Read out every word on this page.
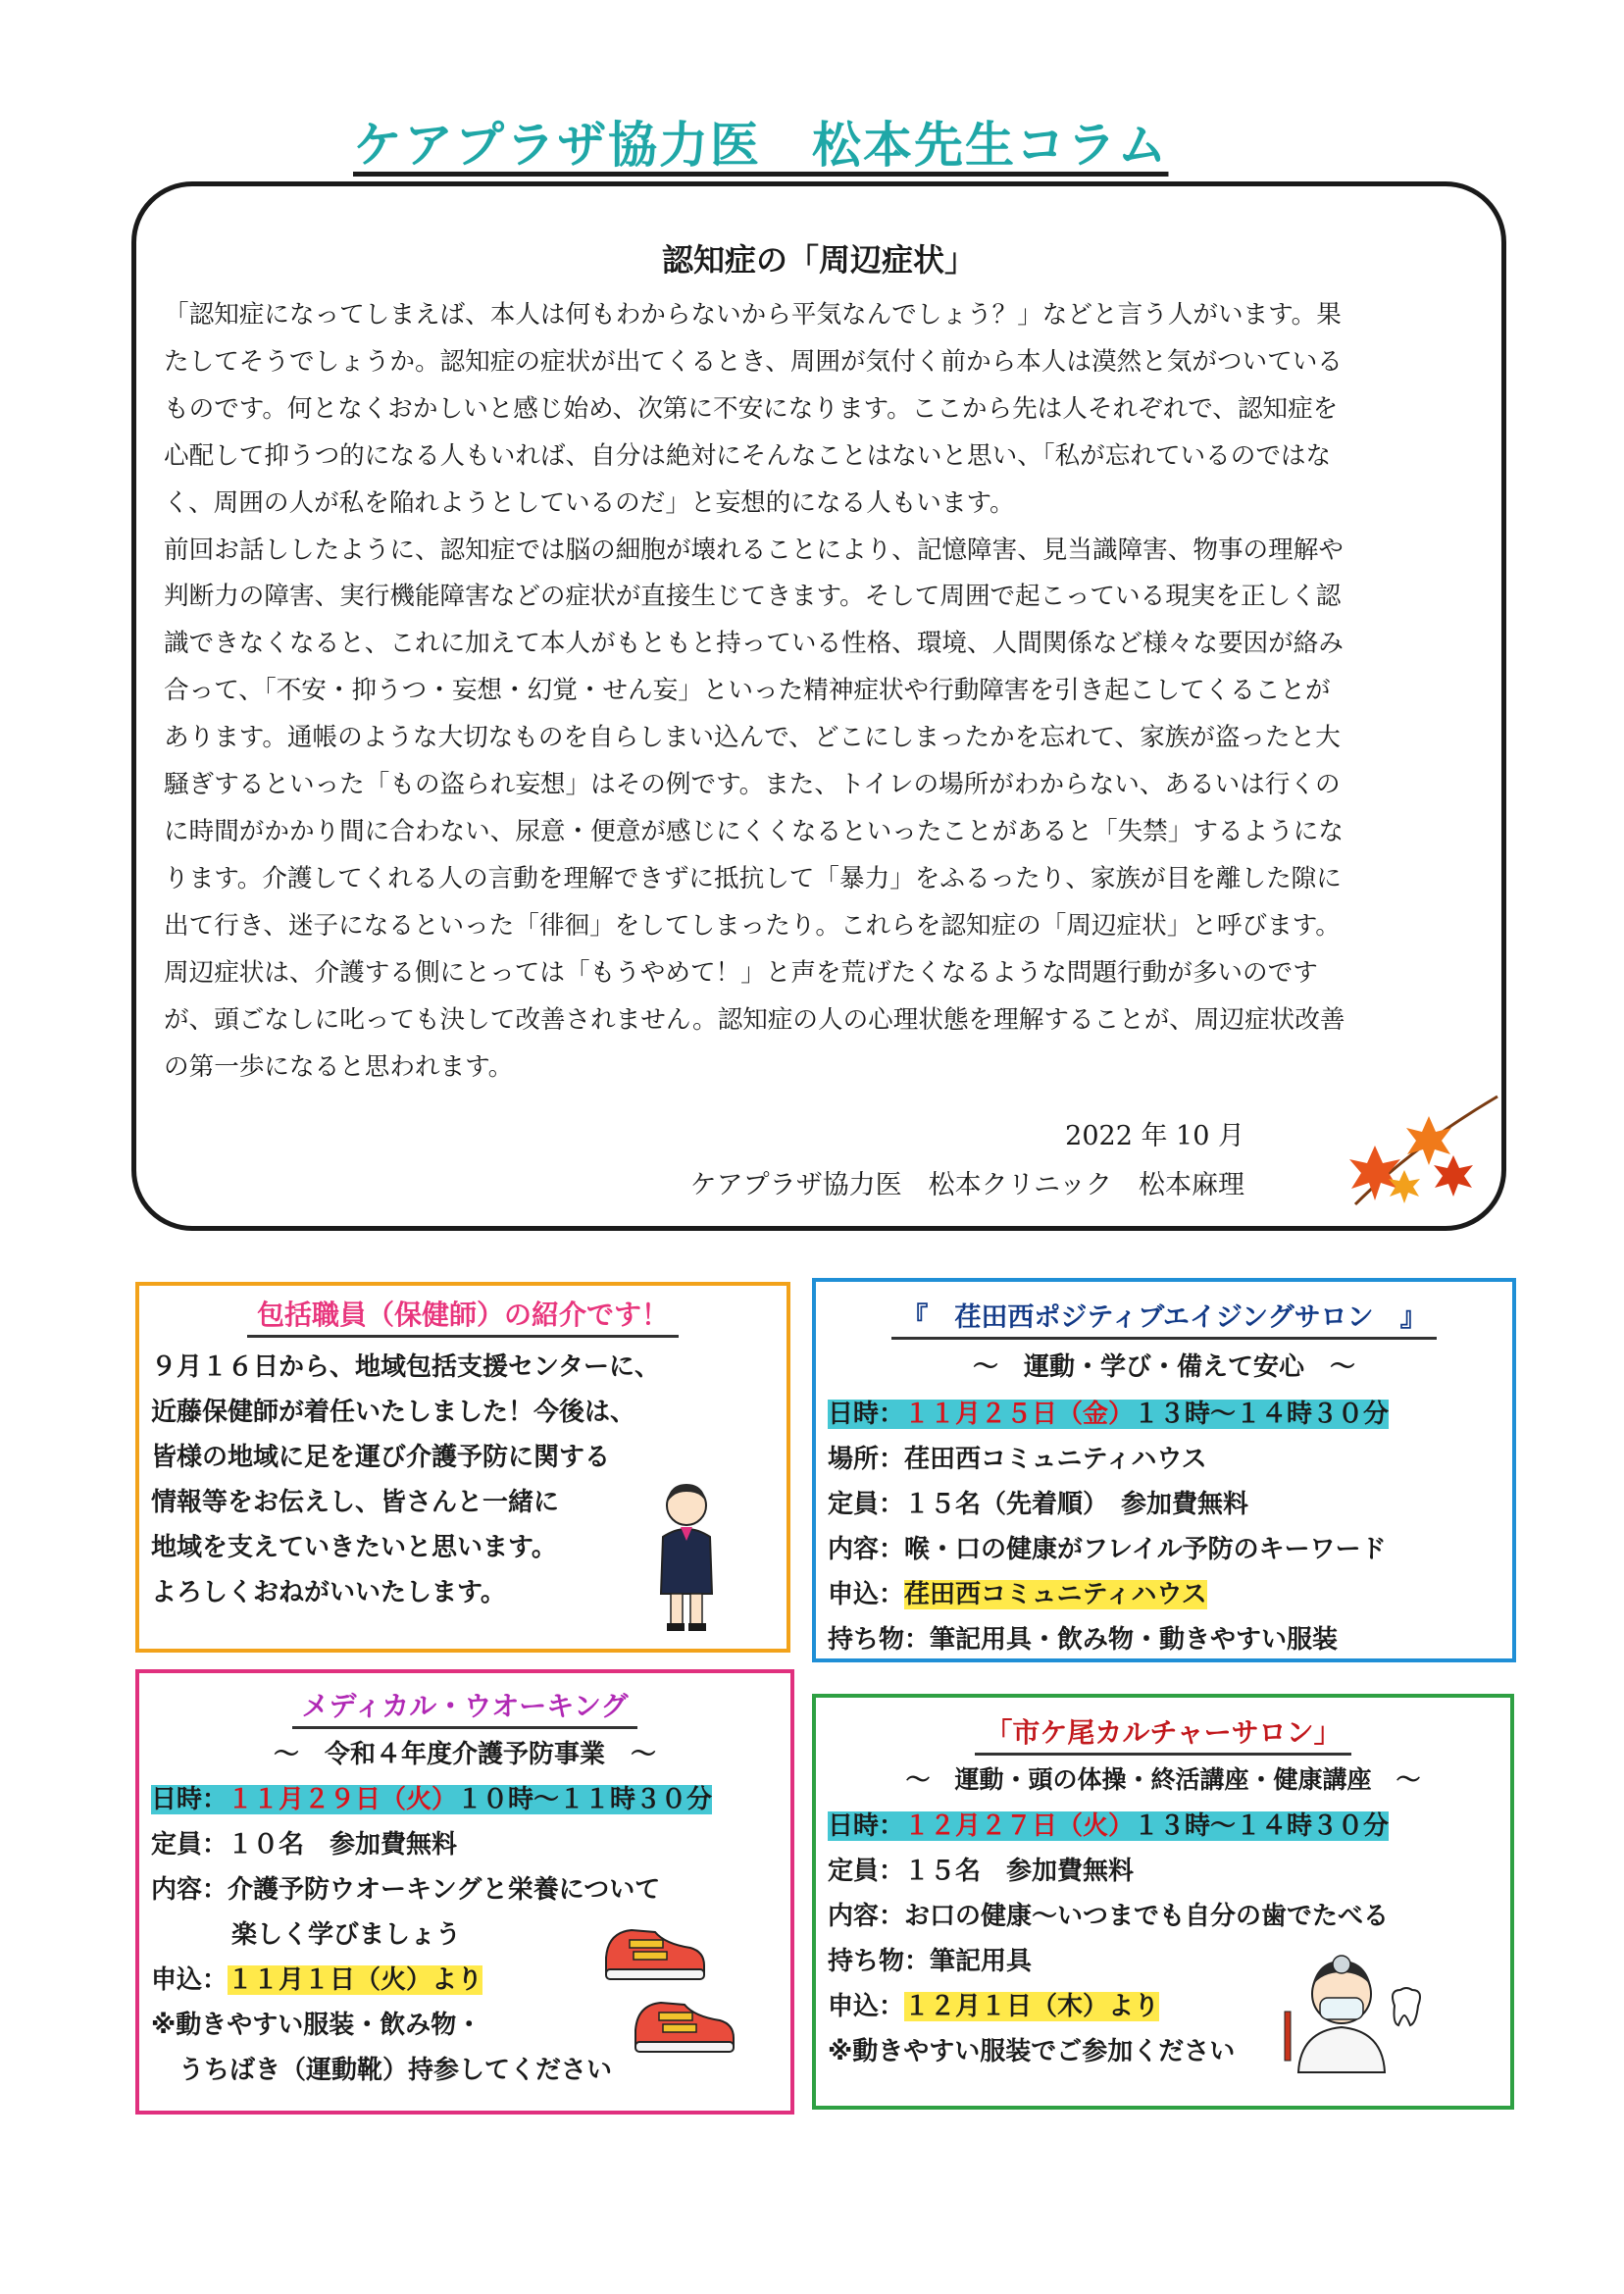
ケアプラザ協力医　松本先生コラム
認知症の「周辺症状」

「認知症になってしまえば、本人は何もわからないから平気なんでしょう？」などと言う人がいます。果

たしてそうでしょうか。認知症の症状が出てくるとき、周囲が気付く前から本人は漠然と気がついている

ものです。何となくおかしいと感じ始め、次第に不安になります。ここから先は人それぞれで、認知症を

心配して抑うつ的になる人もいれば、自分は絶対にそんなことはないと思い、「私が忘れているのではな

く、周囲の人が私を陥れようとしているのだ」と妄想的になる人もいます。

前回お話ししたように、認知症では脳の細胞が壊れることにより、記憶障害、見当識障害、物事の理解や

判断力の障害、実行機能障害などの症状が直接生じてきます。そして周囲で起こっている現実を正しく認

識できなくなると、これに加えて本人がもともと持っている性格、環境、人間関係など様々な要因が絡み

合って、「不安・抑うつ・妄想・幻覚・せん妄」といった精神症状や行動障害を引き起こしてくることが

あります。通帳のような大切なものを自らしまい込んで、どこにしまったかを忘れて、家族が盗ったと大

騒ぎするといった「もの盗られ妄想」はその例です。また、トイレの場所がわからない、あるいは行くの

に時間がかかり間に合わない、尿意・便意が感じにくくなるといったことがあると「失禁」するようにな

ります。介護してくれる人の言動を理解できずに抵抗して「暴力」をふるったり、家族が目を離した隙に

出て行き、迷子になるといった「徘徊」をしてしまったり。これらを認知症の「周辺症状」と呼びます。

周辺症状は、介護する側にとっては「もうやめて！」と声を荒げたくなるような問題行動が多いのです

が、頭ごなしに叱っても決して改善されません。認知症の人の心理状態を理解することが、周辺症状改善

の第一歩になると思われます。

2022 年 10 月
ケアプラザ協力医　松本クリニック　松本麻理
包括職員（保健師）の紹介です！
９月１６日から、地域包括支援センターに、
近藤保健師が着任いたしました！今後は、
皆様の地域に足を運び介護予防に関する
情報等をお伝えし、皆さんと一緒に
地域を支えていきたいと思います。
よろしくおねがいいたします。
『　荏田西ポジティブエイジングサロン　』
～　運動・学び・備えて安心　～
日時：１１月２５日（金）１３時～１４時３０分
場所：荏田西コミュニティハウス
定員：１５名（先着順）　参加費無料
内容：喉・口の健康がフレイル予防のキーワード
申込：荏田西コミュニティハウス
持ち物：筆記用具・飲み物・動きやすい服装
メディカル・ウオーキング
～　令和４年度介護予防事業　～
日時：１１月２９日（火）１０時～１１時３０分
定員：１０名　参加費無料
内容：介護予防ウオーキングと栄養について
楽しく学びましょう
申込：１１月１日（火）より
※動きやすい服装・飲み物・
うちばき（運動靴）持参してください
「市ケ尾カルチャーサロン」
～　運動・頭の体操・終活講座・健康講座　～
日時：１２月２７日（火）１３時～１４時３０分
定員：１５名　参加費無料
内容：お口の健康～いつまでも自分の歯でたべる
持ち物：筆記用具
申込：１２月１日（木）より
※動きやすい服装でご参加ください
